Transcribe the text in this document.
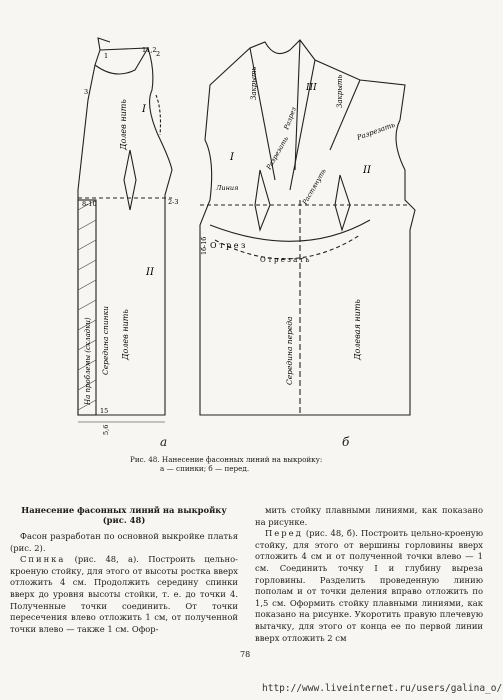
I
II
Долев нить
Долев нить
Середина спинки
На проблемы (складки)
11,2
1	2
3
8-10	2-3
15
5,6
I
II
III
Закрыть	Закрыть
Разрезать
Разрезать
Разрез
Линия	Растянуть
О т р е з
О т р е з а т ь
Долевая нить
Середина переда
1б-1б
а	б
Рис. 48. Нанесение фасонных линий на выкройку:
а — спинки; б — перед.
Нанесение фасонных линий на выкройку
(рис. 48)

Фасон разработан по основной выкройке платья (рис. 2).

Спинка (рис. 48, а). Построить цельно-кроеную стойку, для этого от высоты ростка вверх отложить 4 см. Продолжить середину спинки вверх до уровня высоты стойки, т. е. до точки 4. Полученные точки соединить. От точки пересечения влево отложить 1 см, от полученной точки влево — также 1 см. Офор-

мить стойку плавными линиями, как показано на рисунке.

Перед (рис. 48, б). Построить цельно-кроеную стойку, для этого от вершины горловины вверх отложить 4 см и от полученной точки влево — 1 см. Соединить точку I и глубину выреза горловины. Разделить проведенную линию пополам и от точки деления вправо отложить по 1,5 см. Оформить стойку плавными линиями, как показано на рисунке. Укоротить правую плечевую вытачку, для этого от конца ее по первой линии вверх отложить 2 см

78
http://www.liveinternet.ru/users/galina_o/
